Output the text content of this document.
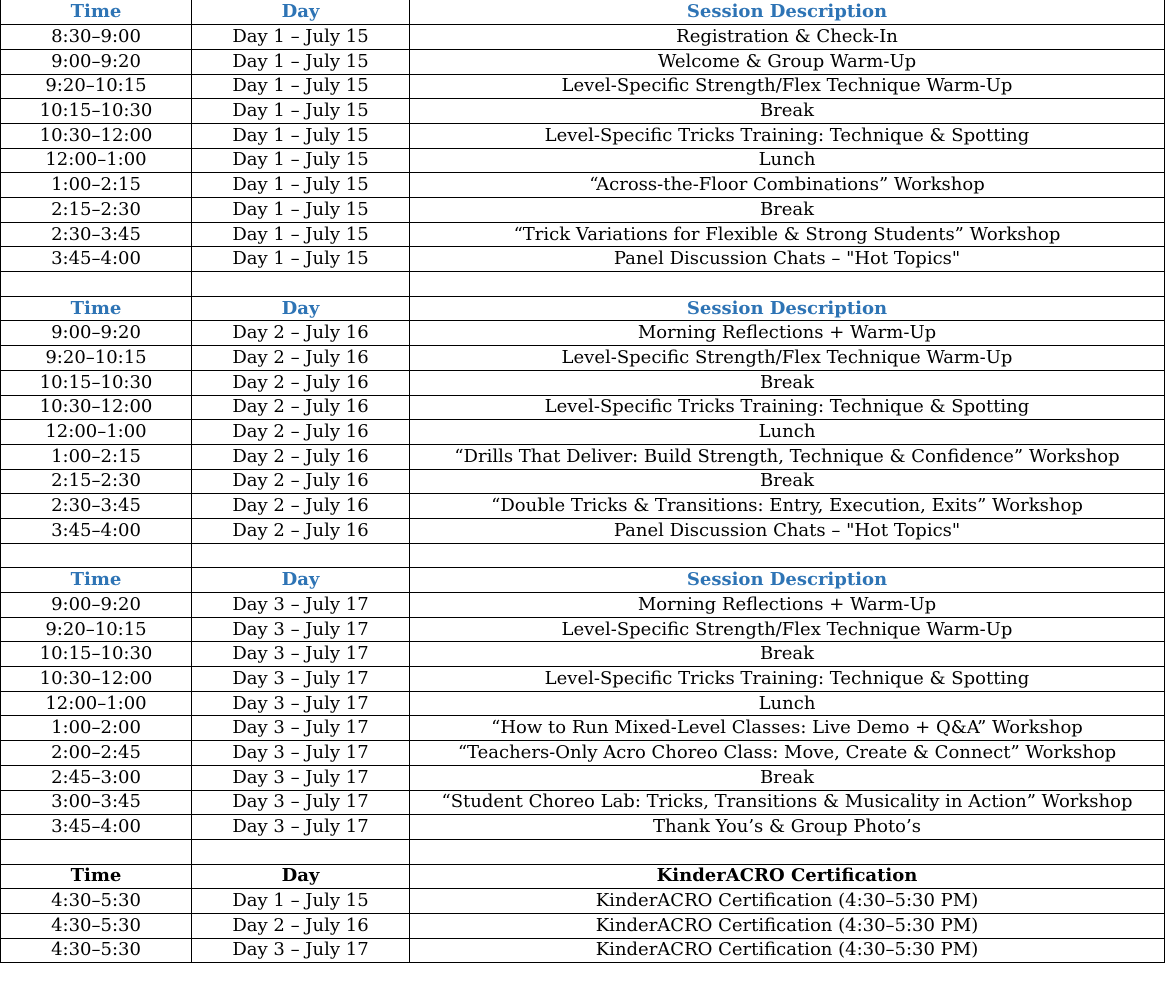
Time	Day	Session Description
8:30–9:00	Day 1 – July 15	Registration & Check-In
9:00–9:20	Day 1 – July 15	Welcome & Group Warm-Up
9:20–10:15	Day 1 – July 15	Level-Specific Strength/Flex Technique Warm-Up
10:15–10:30	Day 1 – July 15	Break
10:30–12:00	Day 1 – July 15	Level-Specific Tricks Training: Technique & Spotting
12:00–1:00	Day 1 – July 15	Lunch
1:00–2:15	Day 1 – July 15	“Across-the-Floor Combinations” Workshop
2:15–2:30	Day 1 – July 15	Break
2:30–3:45	Day 1 – July 15	“Trick Variations for Flexible & Strong Students” Workshop
3:45–4:00	Day 1 – July 15	Panel Discussion Chats – "Hot Topics"

Time	Day	Session Description
9:00–9:20	Day 2 – July 16	Morning Reflections + Warm-Up
9:20–10:15	Day 2 – July 16	Level-Specific Strength/Flex Technique Warm-Up
10:15–10:30	Day 2 – July 16	Break
10:30–12:00	Day 2 – July 16	Level-Specific Tricks Training: Technique & Spotting
12:00–1:00	Day 2 – July 16	Lunch
1:00–2:15	Day 2 – July 16	“Drills That Deliver: Build Strength, Technique & Confidence” Workshop
2:15–2:30	Day 2 – July 16	Break
2:30–3:45	Day 2 – July 16	“Double Tricks & Transitions: Entry, Execution, Exits” Workshop
3:45–4:00	Day 2 – July 16	Panel Discussion Chats – "Hot Topics"

Time	Day	Session Description
9:00–9:20	Day 3 – July 17	Morning Reflections + Warm-Up
9:20–10:15	Day 3 – July 17	Level-Specific Strength/Flex Technique Warm-Up
10:15–10:30	Day 3 – July 17	Break
10:30–12:00	Day 3 – July 17	Level-Specific Tricks Training: Technique & Spotting
12:00–1:00	Day 3 – July 17	Lunch
1:00–2:00	Day 3 – July 17	“How to Run Mixed-Level Classes: Live Demo + Q&A” Workshop
2:00–2:45	Day 3 – July 17	“Teachers-Only Acro Choreo Class: Move, Create & Connect” Workshop
2:45–3:00	Day 3 – July 17	Break
3:00–3:45	Day 3 – July 17	“Student Choreo Lab: Tricks, Transitions & Musicality in Action” Workshop
3:45–4:00	Day 3 – July 17	Thank You’s & Group Photo’s

Time	Day	KinderACRO Certification
4:30–5:30	Day 1 – July 15	KinderACRO Certification (4:30–5:30 PM)
4:30–5:30	Day 2 – July 16	KinderACRO Certification (4:30–5:30 PM)
4:30–5:30	Day 3 – July 17	KinderACRO Certification (4:30–5:30 PM)
